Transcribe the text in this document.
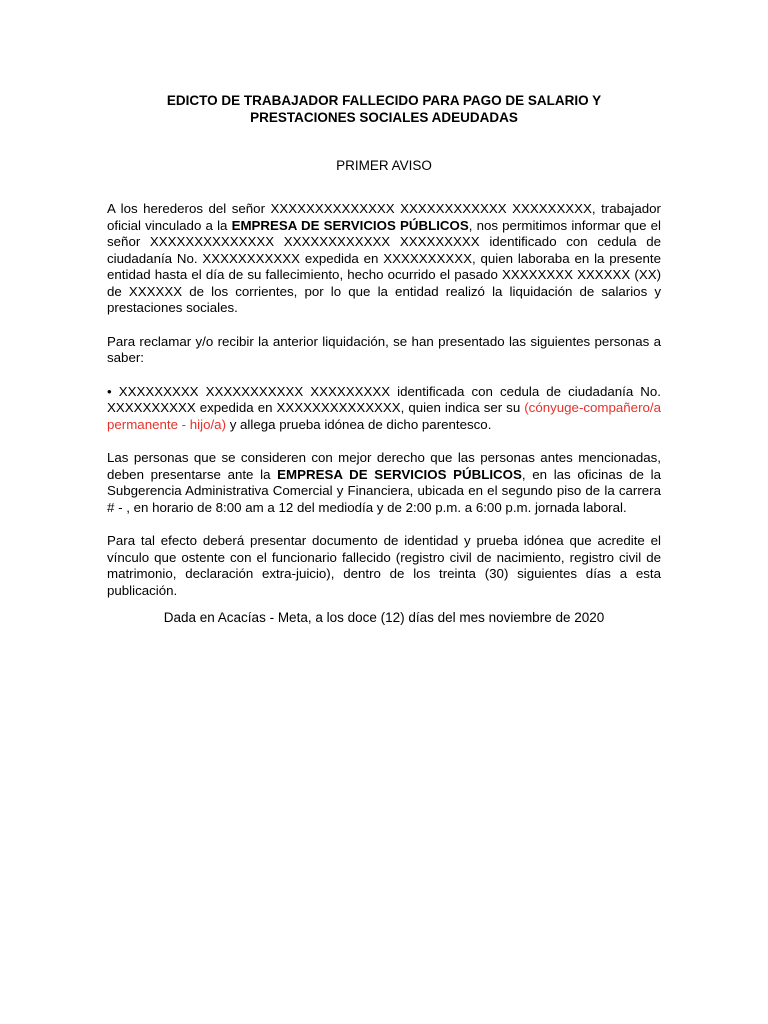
EDICTO DE TRABAJADOR FALLECIDO PARA PAGO DE SALARIO Y
PRESTACIONES SOCIALES ADEUDADAS

PRIMER AVISO

A los herederos del señor XXXXXXXXXXXXXX XXXXXXXXXXXX XXXXXXXXX, trabajador oficial vinculado a la EMPRESA DE SERVICIOS PÚBLICOS, nos permitimos informar que el señor XXXXXXXXXXXXXX XXXXXXXXXXXX XXXXXXXXX identificado con cedula de ciudadanía No. XXXXXXXXXXX expedida en XXXXXXXXXX, quien laboraba en la presente entidad hasta el día de su fallecimiento, hecho ocurrido el pasado XXXXXXXX XXXXXX (XX) de XXXXXX de los corrientes, por lo que la entidad realizó la liquidación de salarios y prestaciones sociales.

Para reclamar y/o recibir la anterior liquidación, se han presentado las siguientes personas a saber:

• XXXXXXXXX XXXXXXXXXXX XXXXXXXXX identificada con cedula de ciudadanía No. XXXXXXXXXX expedida en XXXXXXXXXXXXXX, quien indica ser su (cónyuge-compañero/a permanente - hijo/a) y allega prueba idónea de dicho parentesco.

Las personas que se consideren con mejor derecho que las personas antes mencionadas, deben presentarse ante la EMPRESA DE SERVICIOS PÚBLICOS, en las oficinas de la Subgerencia Administrativa Comercial y Financiera, ubicada en el segundo piso de la carrera # - , en horario de 8:00 am a 12 del mediodía y de 2:00 p.m. a 6:00 p.m. jornada laboral.

Para tal efecto deberá presentar documento de identidad y prueba idónea que acredite el vínculo que ostente con el funcionario fallecido (registro civil de nacimiento, registro civil de matrimonio, declaración extra-juicio), dentro de los treinta (30) siguientes días a esta publicación.

Dada en Acacías - Meta, a los doce (12) días del mes noviembre de 2020
